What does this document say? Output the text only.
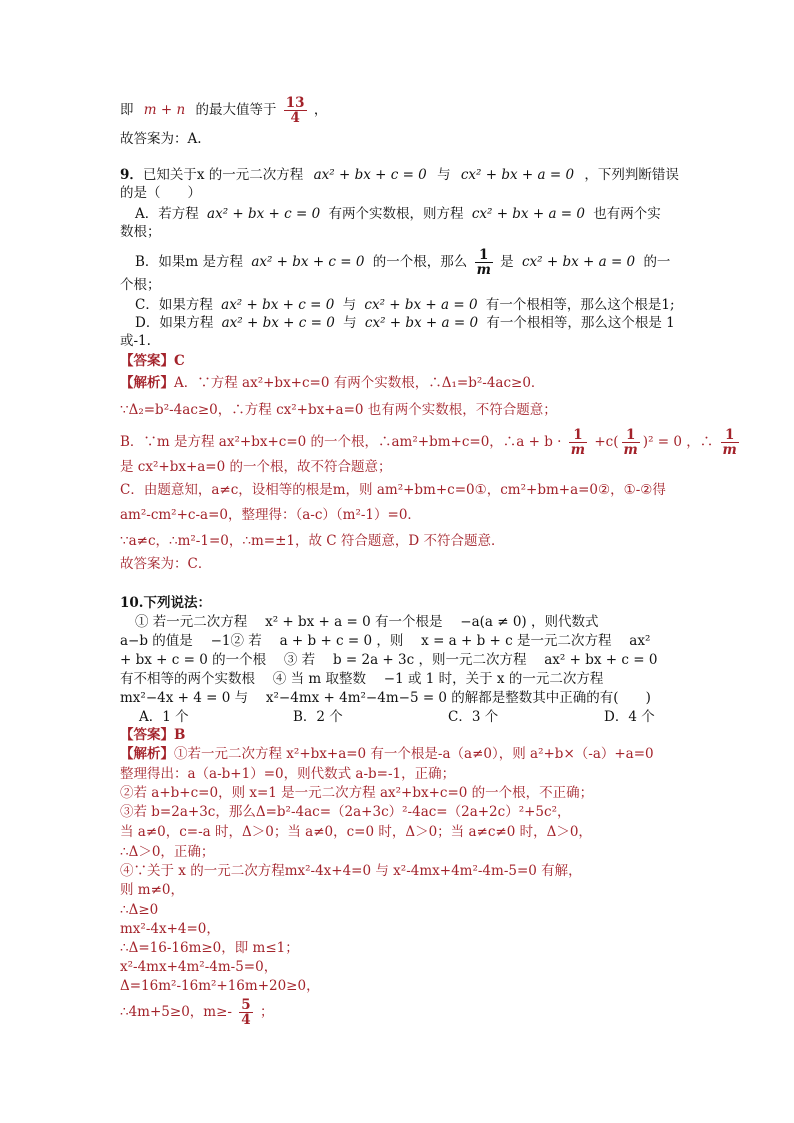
即 m + n 的最大值等于 $\frac{13}{4}$ ，
故答案为：A.
9．已知关于x 的一元二次方程 ax² + bx + c = 0 与 cx² + bx + a = 0 ，下列判断错误
的是（　　）
A．若方程 ax² + bx + c = 0 有两个实数根，则方程 cx² + bx + a = 0 也有两个实
数根；
B．如果m 是方程 ax² + bx + c = 0 的一个根，那么 $\frac{1}{m}$ 是 cx² + bx + a = 0 的一
个根；
C．如果方程 ax² + bx + c = 0 与 cx² + bx + a = 0 有一个根相等，那么这个根是1;
D．如果方程 ax² + bx + c = 0 与 cx² + bx + a = 0 有一个根相等，那么这个根是 1
或-1.
【答案】C
【解析】A．∵方程 ax²+bx+c=0 有两个实数根，∴Δ₁=b²-4ac≥0．
∵Δ₂=b²-4ac≥0，∴方程 cx²+bx+a=0 也有两个实数根，不符合题意；
B．∵m 是方程 ax²+bx+c=0 的一个根，∴am²+bm+c=0，∴a + $b \cdot \frac{1}{m} +c( \frac{1}{m} )^2 = 0$ ，∴ $\frac{1}{m}$
是 cx²+bx+a=0 的一个根，故不符合题意；
C．由题意知，a≠c，设相等的根是m，则 am²+bm+c=0①，cm²+bm+a=0②，①-②得
am²-cm²+c-a=0，整理得：（a-c）（m²-1）=0．
∵a≠c，∴m²-1=0，∴m=±1，故 C 符合题意，D 不符合题意．
故答案为：C．
10.下列说法：
① 若一元二次方程　 x² + bx + a = 0 有一个根是　 −a(a ≠ 0) ，则代数式
a−b 的值是　 −1② 若　 a + b + c = 0 ，则　 x = a + b + c 是一元二次方程　 ax²
+ bx + c = 0 的一个根　 ③ 若　 b = 2a + 3c ，则一元二次方程　 ax² + bx + c = 0
有不相等的两个实数根　 ④ 当 m 取整数　 −1 或 1 时，关于 x 的一元二次方程
mx²−4x + 4 = 0 与　 x²−4mx + 4m²−4m−5 = 0 的解都是整数其中正确的有(　　)
A．1 个	B．2 个	C．3 个	D．4 个
【答案】B
【解析】①若一元二次方程 x²+bx+a=0 有一个根是-a（a≠0），则 a²+b×（-a）+a=0
整理得出：a（a-b+1）=0，则代数式 a-b=-1，正确；
②若 a+b+c=0，则 x=1 是一元二次方程 ax²+bx+c=0 的一个根，不正确；
③若 b=2a+3c，那么Δ=b²-4ac=（2a+3c）²-4ac=（2a+2c）²+5c²，
当 a≠0，c=-a 时，Δ＞0；当 a≠0，c=0 时，Δ＞0；当 a≠c≠0 时，Δ＞0，
∴Δ＞0，正确；
④∵关于 x 的一元二次方程mx²-4x+4=0 与 x²-4mx+4m²-4m-5=0 有解，
则 m≠0，
∴Δ≥0
mx²-4x+4=0，
∴Δ=16-16m≥0，即 m≤1；
x²-4mx+4m²-4m-5=0，
Δ=16m²-16m²+16m+20≥0，
∴4m+5≥0，$m\ge- \frac{5}{4}$ ；
